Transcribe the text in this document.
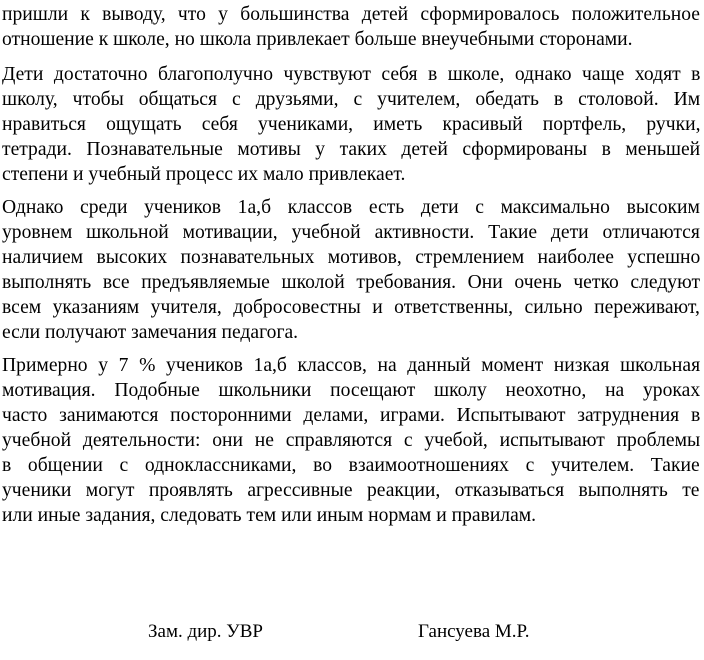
пришли к выводу, что у большинства детей сформировалось положительное

отношение к школе, но школа привлекает больше внеучебными сторонами.

Дети достаточно благополучно чувствуют себя в школе, однако чаще ходят в

школу, чтобы общаться с друзьями, с учителем, обедать в столовой. Им

нравиться ощущать себя учениками, иметь красивый портфель, ручки,

тетради. Познавательные мотивы у таких детей сформированы в меньшей

степени и учебный процесс их мало привлекает.

Однако среди учеников 1а,б классов есть дети с максимально высоким

уровнем школьной мотивации, учебной активности. Такие дети отличаются

наличием высоких познавательных мотивов, стремлением наиболее успешно

выполнять все предъявляемые школой требования. Они очень четко следуют

всем указаниям учителя, добросовестны и ответственны, сильно переживают,

если получают замечания педагога.

Примерно у 7 % учеников 1а,б классов, на данный момент низкая школьная

мотивация. Подобные школьники посещают школу неохотно, на уроках

часто занимаются посторонними делами, играми. Испытывают затруднения в

учебной деятельности: они не справляются с учебой, испытывают проблемы

в общении с одноклассниками, во взаимоотношениях с учителем. Такие

ученики могут проявлять агрессивные реакции, отказываться выполнять те

или иные задания, следовать тем или иным нормам и правилам.

Зам. дир. УВР	Гансуева М.Р.
